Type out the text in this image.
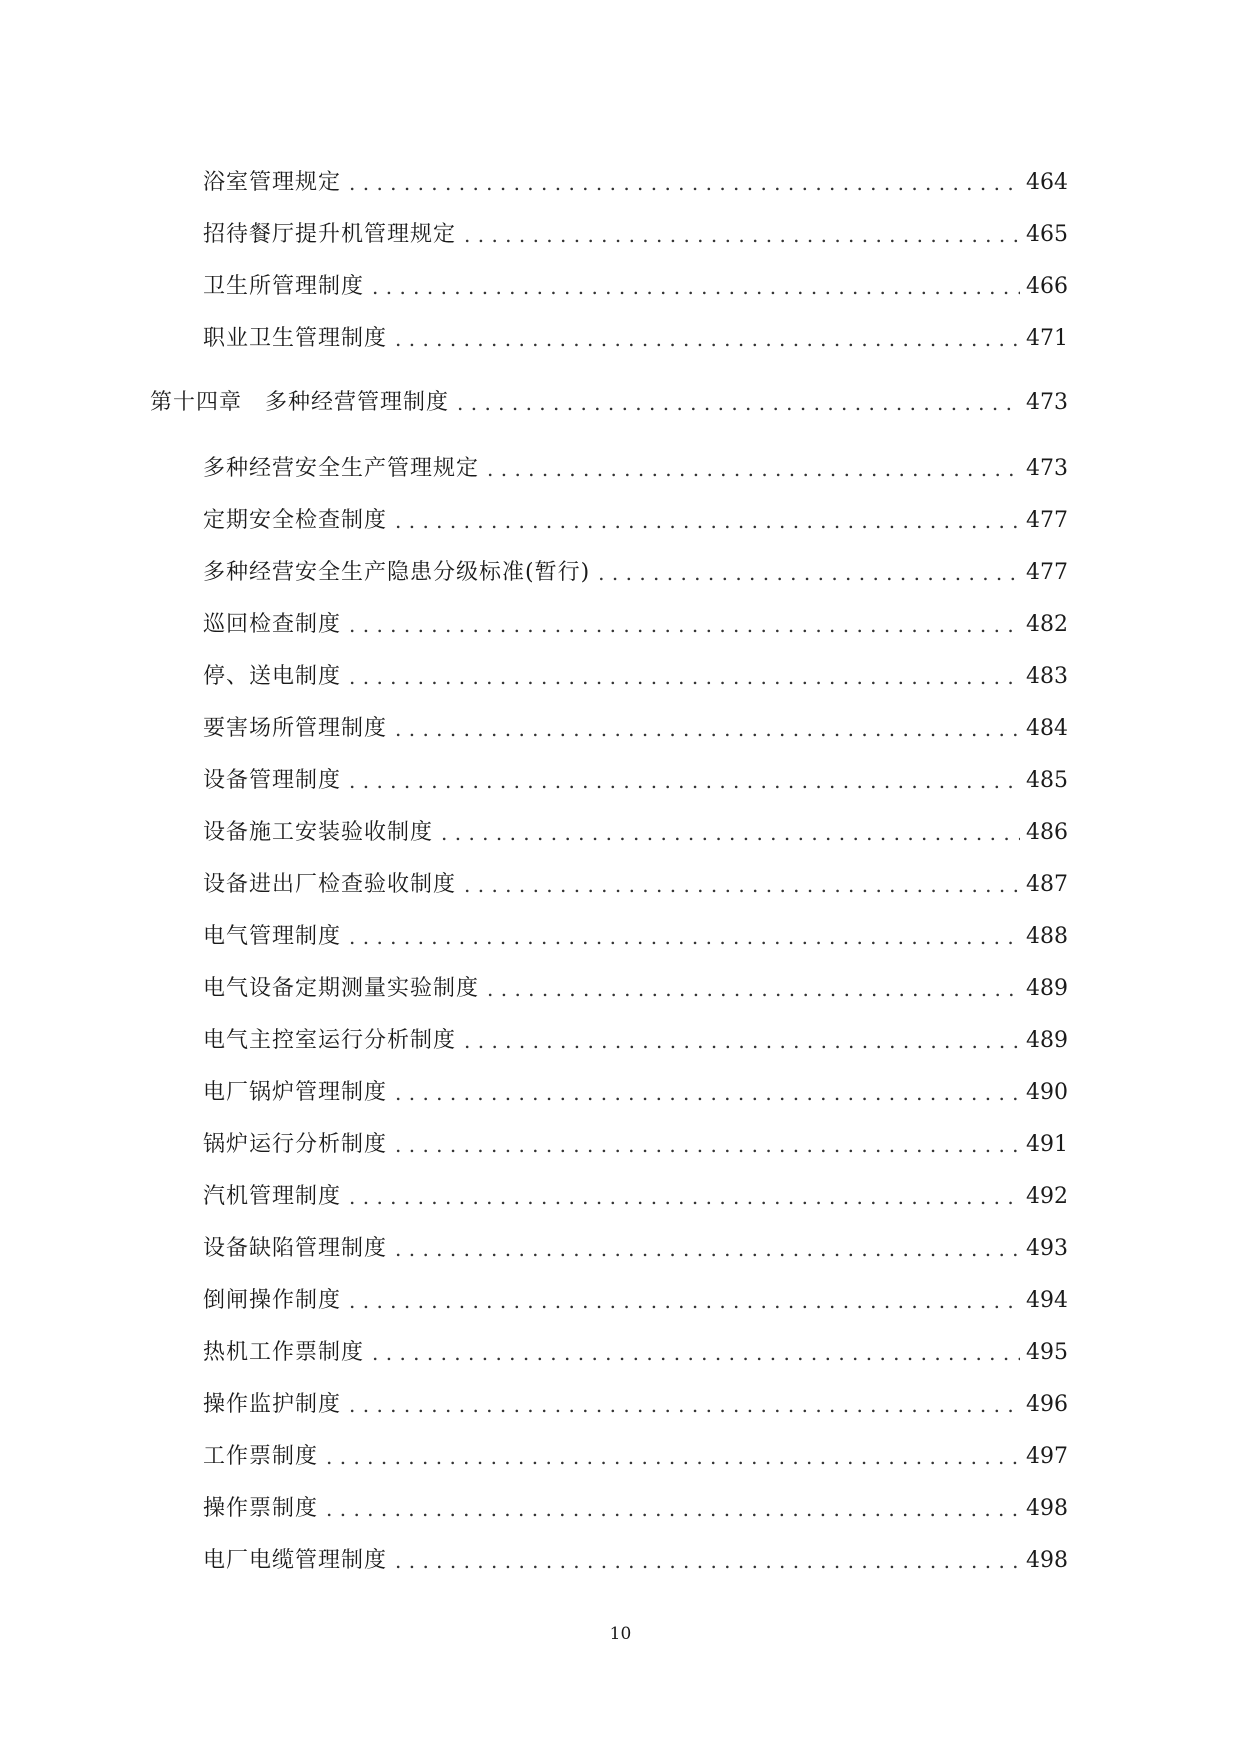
浴室管理规定 . . .	464
招待餐厅提升机管理规定 . . .	465
卫生所管理制度 . . .	466
职业卫生管理制度 . . .	471
第十四章　多种经营管理制度 . . .	473
多种经营安全生产管理规定 . . .	473
定期安全检查制度 . . .	477
多种经营安全生产隐患分级标准(暂行) . . .	477
巡回检查制度 . . .	482
停、送电制度 . . .	483
要害场所管理制度 . . .	484
设备管理制度 . . .	485
设备施工安装验收制度 . . .	486
设备进出厂检查验收制度 . . .	487
电气管理制度 . . .	488
电气设备定期测量实验制度 . . .	489
电气主控室运行分析制度 . . .	489
电厂锅炉管理制度 . . .	490
锅炉运行分析制度 . . .	491
汽机管理制度 . . .	492
设备缺陷管理制度 . . .	493
倒闸操作制度 . . .	494
热机工作票制度 . . .	495
操作监护制度 . . .	496
工作票制度 . . .	497
操作票制度 . . .	498
电厂电缆管理制度 . . .	498
10
